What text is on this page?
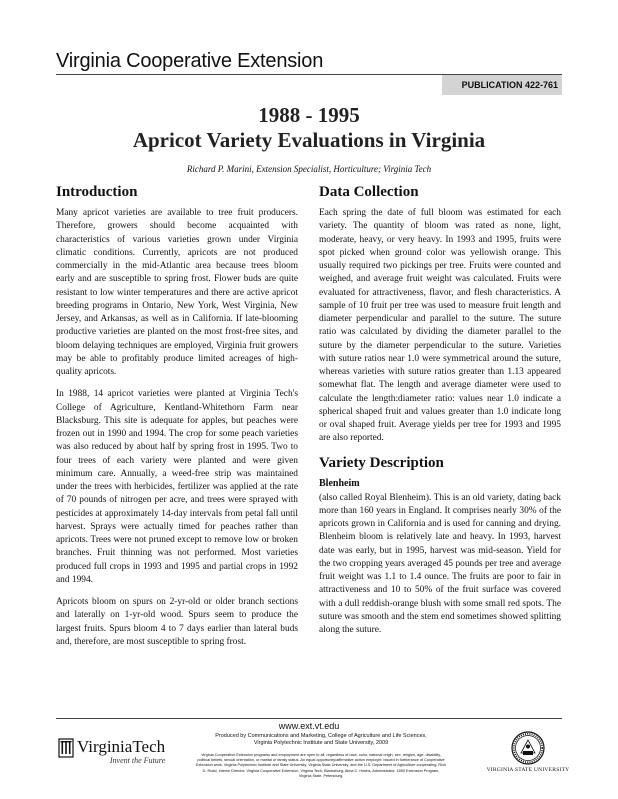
Virginia Cooperative Extension
PUBLICATION 422-761
1988 - 1995
Apricot Variety Evaluations in Virginia
Richard P. Marini, Extension Specialist, Horticulture; Virginia Tech
Introduction

Many apricot varieties are available to tree fruit producers. Therefore, growers should become acquainted with characteristics of various varieties grown under Virginia climatic conditions. Currently, apricots are not produced commercially in the mid-Atlantic area because trees bloom early and are susceptible to spring frost. Flower buds are quite resistant to low winter temperatures and there are active apricot breeding programs in Ontario, New York, West Virginia, New Jersey, and Arkansas, as well as in California. If late-blooming productive varieties are planted on the most frost-free sites, and bloom delaying techniques are employed, Virginia fruit growers may be able to profitably produce limited acreages of high-quality apricots.

In 1988, 14 apricot varieties were planted at Virginia Tech's College of Agriculture, Kentland-Whitethorn Farm near Blacksburg. This site is adequate for apples, but peaches were frozen out in 1990 and 1994. The crop for some peach varieties was also reduced by about half by spring frost in 1995. Two to four trees of each variety were planted and were given minimum care. Annually, a weed-free strip was maintained under the trees with herbicides, fertilizer was applied at the rate of 70 pounds of nitrogen per acre, and trees were sprayed with pesticides at approximately 14-day intervals from petal fall until harvest. Sprays were actually timed for peaches rather than apricots. Trees were not pruned except to remove low or broken branches. Fruit thinning was not performed. Most varieties produced full crops in 1993 and 1995 and partial crops in 1992 and 1994.

Apricots bloom on spurs on 2-yr-old or older branch sections and laterally on 1-yr-old wood. Spurs seem to produce the largest fruits. Spurs bloom 4 to 7 days earlier than lateral buds and, therefore, are most susceptible to spring frost.

Data Collection

Each spring the date of full bloom was estimated for each variety. The quantity of bloom was rated as none, light, moderate, heavy, or very heavy. In 1993 and 1995, fruits were spot picked when ground color was yellowish orange. This usually required two pickings per tree. Fruits were counted and weighed, and average fruit weight was calculated. Fruits were evaluated for attractiveness, flavor, and flesh characteristics. A sample of 10 fruit per tree was used to measure fruit length and diameter perpendicular and parallel to the suture. The suture ratio was calculated by dividing the diameter parallel to the suture by the diameter perpendicular to the suture. Varieties with suture ratios near 1.0 were symmetrical around the suture, whereas varieties with suture ratios greater than 1.13 appeared somewhat flat. The length and average diameter were used to calculate the length:diameter ratio: values near 1.0 indicate a spherical shaped fruit and values greater than 1.0 indicate long or oval shaped fruit. Average yields per tree for 1993 and 1995 are also reported.

Variety Description
Blenheim

(also called Royal Blenheim). This is an old variety, dating back more than 160 years in England. It comprises nearly 30% of the apricots grown in California and is used for canning and drying. Blenheim bloom is relatively late and heavy. In 1993, harvest date was early, but in 1995, harvest was mid-season. Yield for the two cropping years averaged 45 pounds per tree and average fruit weight was 1.1 to 1.4 ounce. The fruits are poor to fair in attractiveness and 10 to 50% of the fruit surface was covered with a dull reddish-orange blush with some small red spots. The suture was smooth and the stem end sometimes showed splitting along the suture.

www.ext.vt.edu
Produced by Communications and Marketing, College of Agriculture and Life Sciences,
Virginia Polytechnic Institute and State University, 2009
Virginia Cooperative Extension programs and employment are open to all, regardless of race, color, national origin, sex, religion, age, disability, political beliefs, sexual orientation, or marital or family status. An equal opportunity/affirmative action employer. Issued in furtherance of Cooperative Extension work, Virginia Polytechnic Institute and State University, Virginia State University, and the U.S. Department of Agriculture cooperating. RIck D. Rudd, Interim Director, Virginia Cooperative Extension, Virginia Tech, Blacksburg; Alma C. Hobbs, Administrator, 1890 Extension Program, Virginia State, Petersburg.
VirginiaTech
Invent the Future
VIRGINIA STATE UNIVERSITY
